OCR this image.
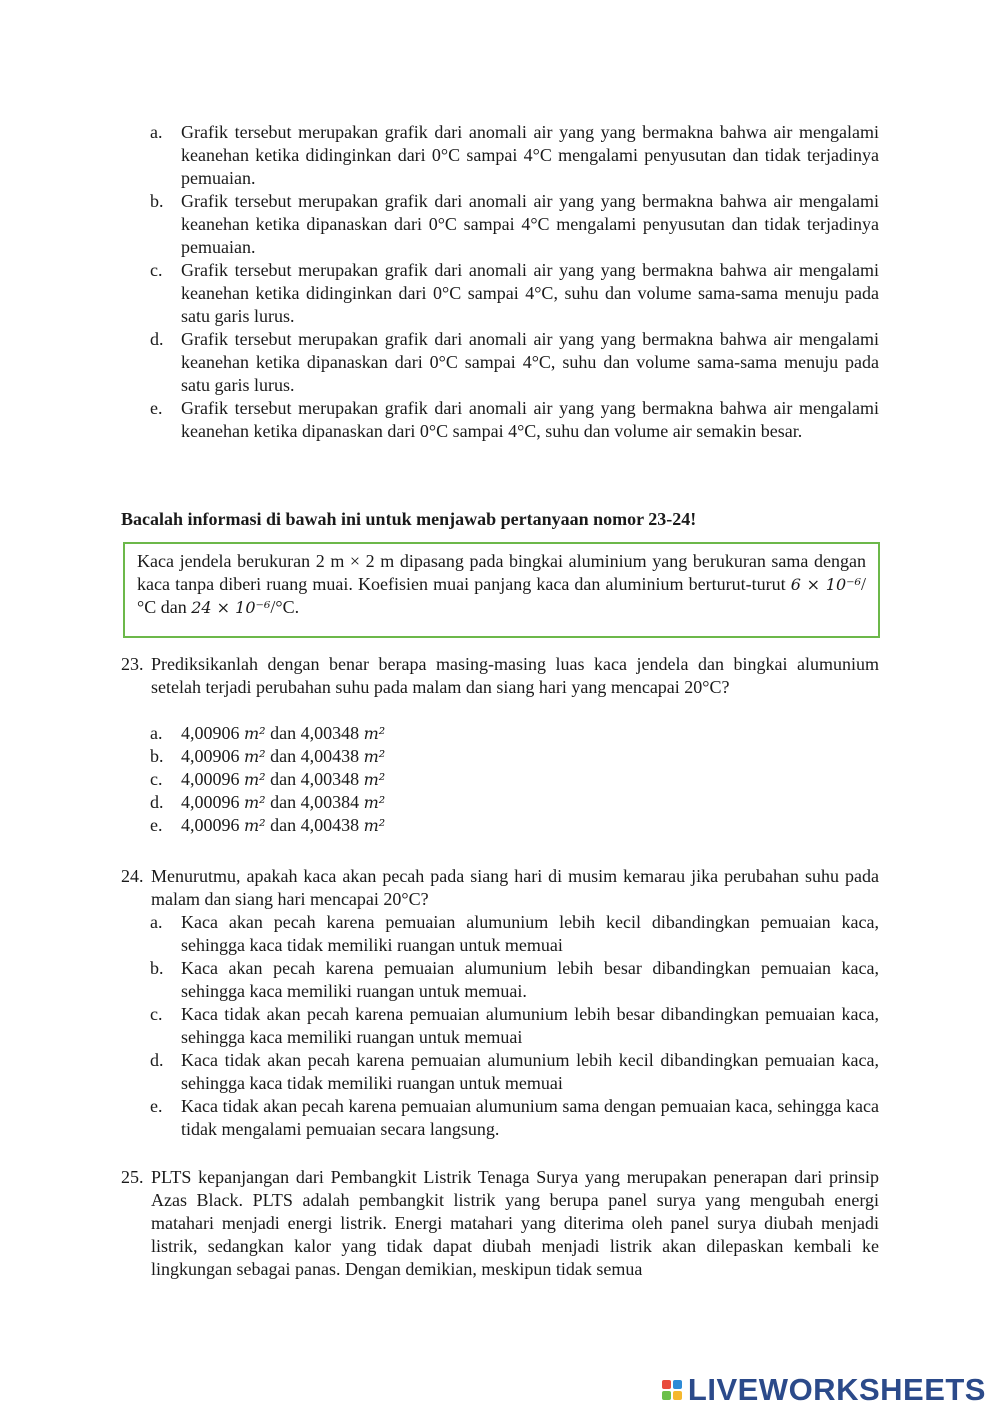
a. Grafik tersebut merupakan grafik dari anomali air yang yang bermakna bahwa air mengalami keanehan ketika didinginkan dari 0°C sampai 4°C mengalami penyusutan dan tidak terjadinya pemuaian.
b. Grafik tersebut merupakan grafik dari anomali air yang yang bermakna bahwa air mengalami keanehan ketika dipanaskan dari 0°C sampai 4°C mengalami penyusutan dan tidak terjadinya pemuaian.
c. Grafik tersebut merupakan grafik dari anomali air yang yang bermakna bahwa air mengalami keanehan ketika didinginkan dari 0°C sampai 4°C, suhu dan volume sama-sama menuju pada satu garis lurus.
d. Grafik tersebut merupakan grafik dari anomali air yang yang bermakna bahwa air mengalami keanehan ketika dipanaskan dari 0°C sampai 4°C, suhu dan volume sama-sama menuju pada satu garis lurus.
e. Grafik tersebut merupakan grafik dari anomali air yang yang bermakna bahwa air mengalami keanehan ketika dipanaskan dari 0°C sampai 4°C, suhu dan volume air semakin besar.
Bacalah informasi di bawah ini untuk menjawab pertanyaan nomor 23-24!
Kaca jendela berukuran 2 m × 2 m dipasang pada bingkai aluminium yang berukuran sama dengan kaca tanpa diberi ruang muai. Koefisien muai panjang kaca dan aluminium berturut-turut 6 × 10⁻⁶/°C dan 24 × 10⁻⁶/°C.
23. Prediksikanlah dengan benar berapa masing-masing luas kaca jendela dan bingkai alumunium setelah terjadi perubahan suhu pada malam dan siang hari yang mencapai 20°C?
a. 4,00906 m² dan 4,00348 m²
b. 4,00906 m² dan 4,00438 m²
c. 4,00096 m² dan 4,00348 m²
d. 4,00096 m² dan 4,00384 m²
e. 4,00096 m² dan 4,00438 m²
24. Menurutmu, apakah kaca akan pecah pada siang hari di musim kemarau jika perubahan suhu pada malam dan siang hari mencapai 20°C?
a. Kaca akan pecah karena pemuaian alumunium lebih kecil dibandingkan pemuaian kaca, sehingga kaca tidak memiliki ruangan untuk memuai
b. Kaca akan pecah karena pemuaian alumunium lebih besar dibandingkan pemuaian kaca, sehingga kaca memiliki ruangan untuk memuai.
c. Kaca tidak akan pecah karena pemuaian alumunium lebih besar dibandingkan pemuaian kaca, sehingga kaca memiliki ruangan untuk memuai
d. Kaca tidak akan pecah karena pemuaian alumunium lebih kecil dibandingkan pemuaian kaca, sehingga kaca tidak memiliki ruangan untuk memuai
e. Kaca tidak akan pecah karena pemuaian alumunium sama dengan pemuaian kaca, sehingga kaca tidak mengalami pemuaian secara langsung.
25. PLTS kepanjangan dari Pembangkit Listrik Tenaga Surya yang merupakan penerapan dari prinsip Azas Black. PLTS adalah pembangkit listrik yang berupa panel surya yang mengubah energi matahari menjadi energi listrik. Energi matahari yang diterima oleh panel surya diubah menjadi listrik, sedangkan kalor yang tidak dapat diubah menjadi listrik akan dilepaskan kembali ke lingkungan sebagai panas. Dengan demikian, meskipun tidak semua
LIVEWORKSHEETS
